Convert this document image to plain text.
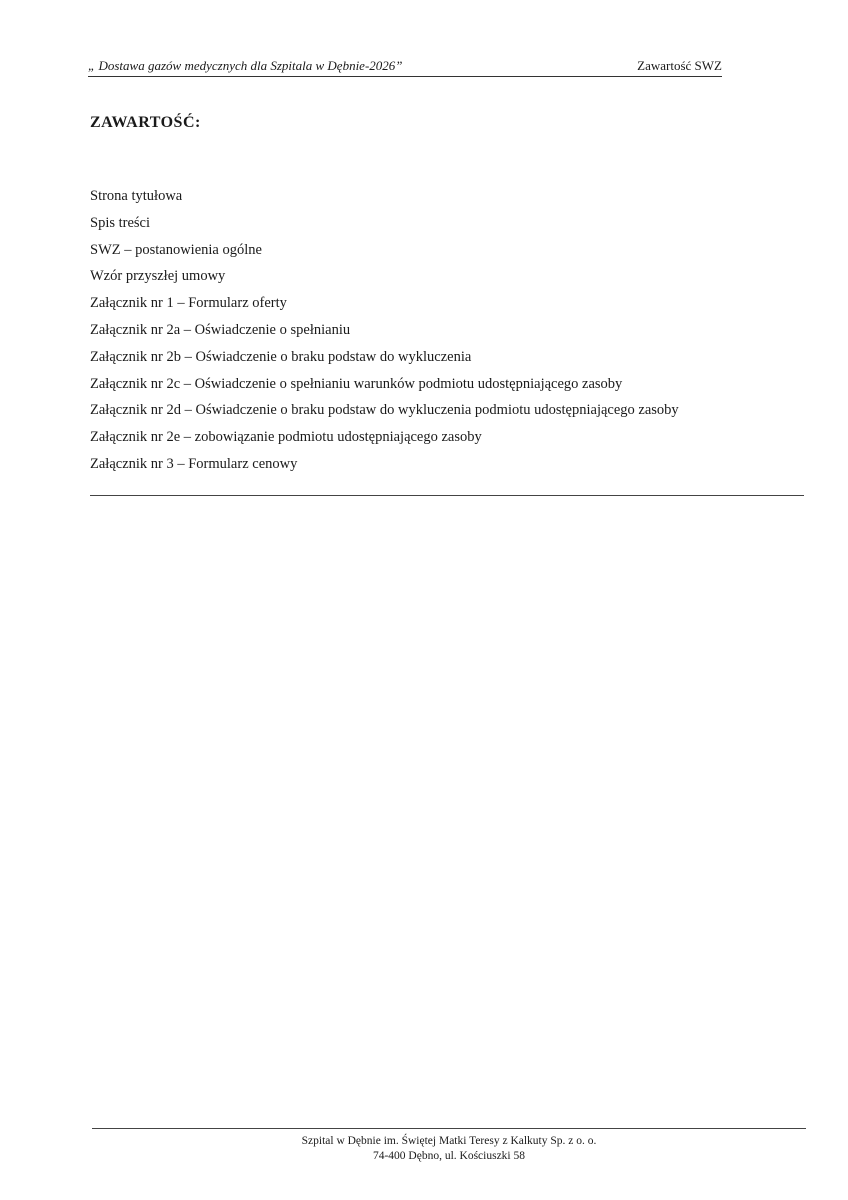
„ Dostawa gazów medycznych dla Szpitala w Dębnie-2026”	Zawartość SWZ
ZAWARTOŚĆ:
Strona tytułowa
Spis treści
SWZ – postanowienia ogólne
Wzór przyszłej umowy
Załącznik nr 1 – Formularz oferty
Załącznik nr 2a – Oświadczenie o spełnianiu
Załącznik nr 2b – Oświadczenie o braku podstaw do wykluczenia
Załącznik nr 2c – Oświadczenie o spełnianiu warunków podmiotu udostępniającego zasoby
Załącznik nr 2d – Oświadczenie o braku podstaw do wykluczenia podmiotu udostępniającego zasoby
Załącznik nr 2e – zobowiązanie podmiotu udostępniającego zasoby
Załącznik nr 3 – Formularz cenowy
Szpital w Dębnie im. Świętej Matki Teresy z Kalkuty Sp. z o. o.
74-400 Dębno, ul. Kościuszki 58
